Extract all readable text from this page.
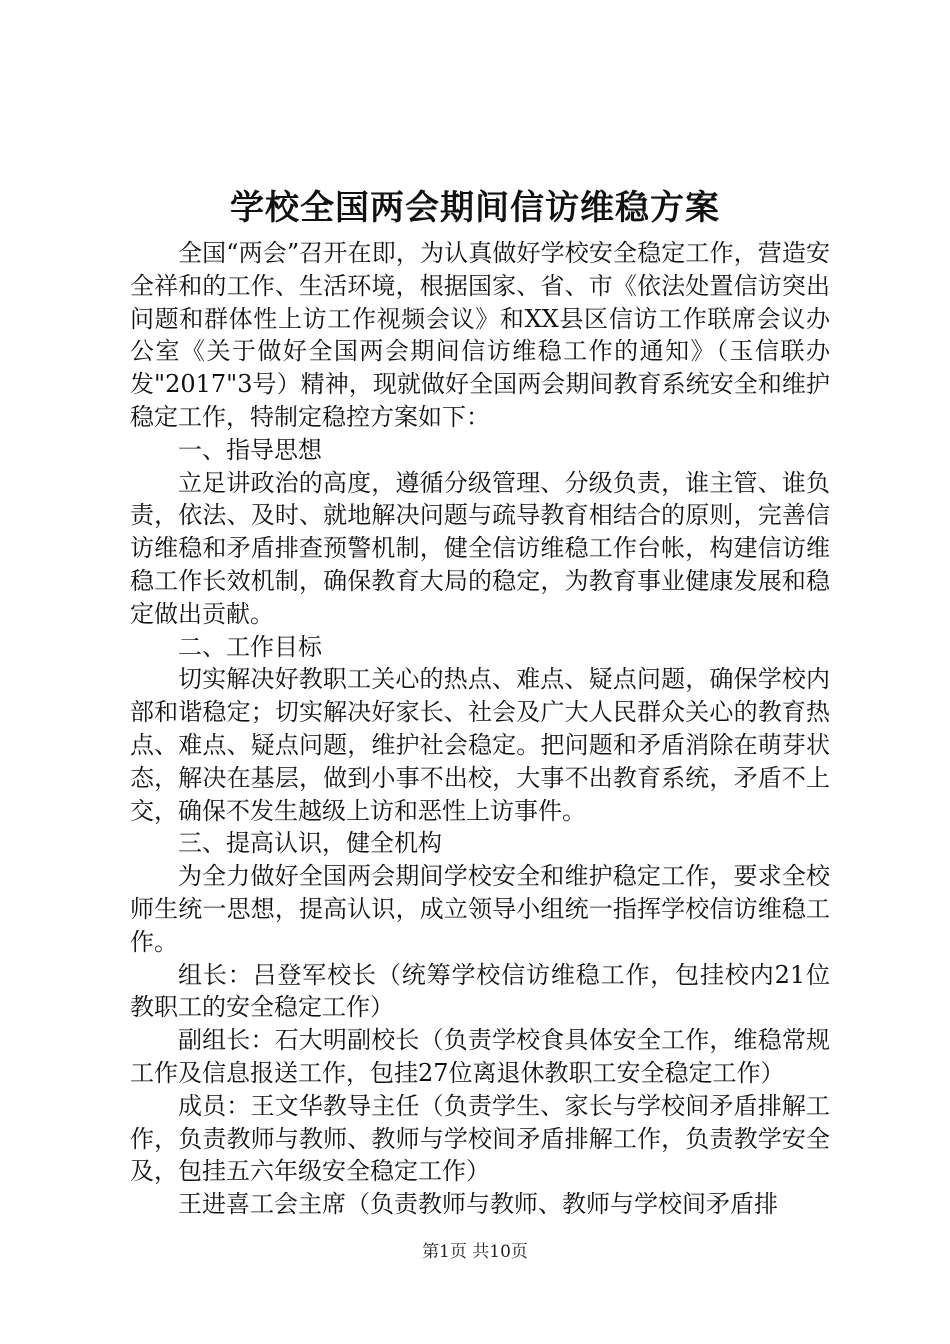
学校全国两会期间信访维稳方案

全国“两会”召开在即，为认真做好学校安全稳定工作，营造安全祥和的工作、生活环境，根据国家、省、市《依法处置信访突出问题和群体性上访工作视频会议》和XX县区信访工作联席会议办公室《关于做好全国两会期间信访维稳工作的通知》（玉信联办发"2017"3号）精神，现就做好全国两会期间教育系统安全和维护稳定工作，特制定稳控方案如下：

一、指导思想

立足讲政治的高度，遵循分级管理、分级负责，谁主管、谁负责，依法、及时、就地解决问题与疏导教育相结合的原则，完善信访维稳和矛盾排查预警机制，健全信访维稳工作台帐，构建信访维稳工作长效机制，确保教育大局的稳定，为教育事业健康发展和稳定做出贡献。

二、工作目标

切实解决好教职工关心的热点、难点、疑点问题，确保学校内部和谐稳定；切实解决好家长、社会及广大人民群众关心的教育热点、难点、疑点问题，维护社会稳定。把问题和矛盾消除在萌芽状态，解决在基层，做到小事不出校，大事不出教育系统，矛盾不上交，确保不发生越级上访和恶性上访事件。

三、提高认识，健全机构

为全力做好全国两会期间学校安全和维护稳定工作，要求全校师生统一思想，提高认识，成立领导小组统一指挥学校信访维稳工作。

组长：吕登军校长（统筹学校信访维稳工作，包挂校内21位教职工的安全稳定工作）

副组长：石大明副校长（负责学校食具体安全工作，维稳常规工作及信息报送工作，包挂27位离退休教职工安全稳定工作）

成员：王文华教导主任（负责学生、家长与学校间矛盾排解工作，负责教师与教师、教师与学校间矛盾排解工作，负责教学安全及，包挂五六年级安全稳定工作）

王进喜工会主席（负责教师与教师、教师与学校间矛盾排

第1页 共10页
